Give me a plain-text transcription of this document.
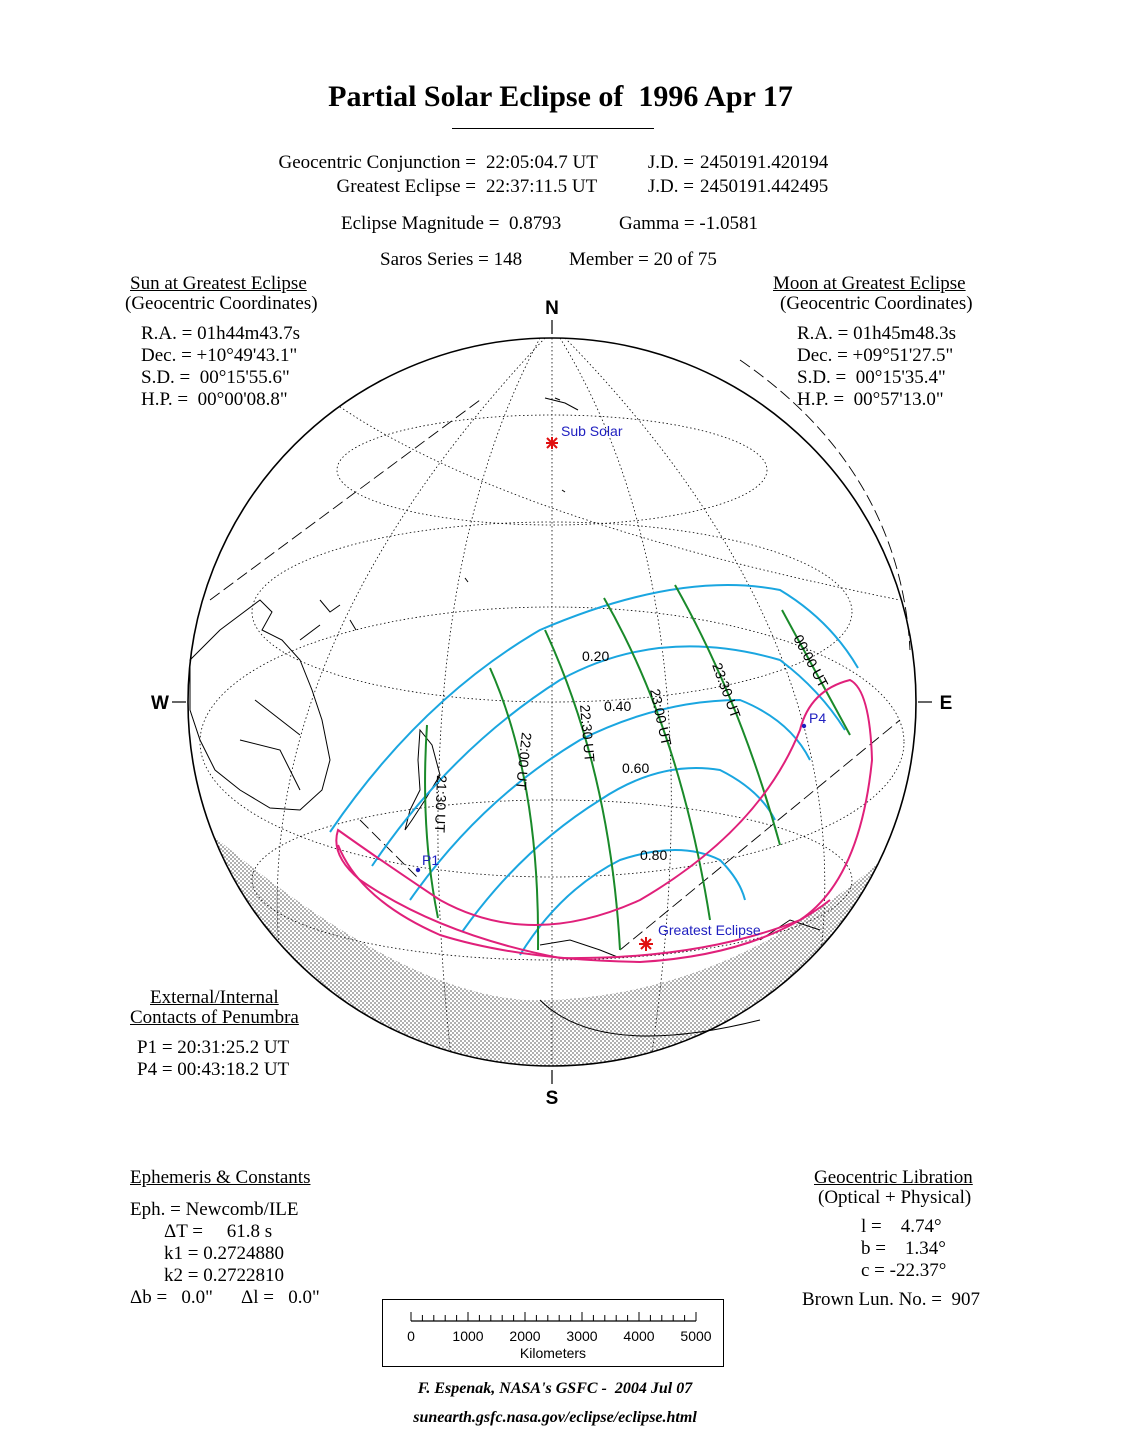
Partial Solar Eclipse of  1996 Apr 17
Geocentric Conjunction = 22:05:04.7 UT	J.D. = 2450191.420194
Greatest Eclipse = 22:37:11.5 UT	J.D. = 2450191.442495
Eclipse Magnitude =  0.8793	Gamma = -1.0581
Saros Series = 148 Member = 20 of 75
Sun at Greatest Eclipse
(Geocentric Coordinates)
R.A. = 01h44m43.7s
Dec. = +10°49'43.1"
S.D. =  00°15'55.6"
H.P. =  00°00'08.8"
Moon at Greatest Eclipse
(Geocentric Coordinates)
R.A. = 01h45m48.3s
Dec. = +09°51'27.5"
S.D. =  00°15'35.4"
H.P. =  00°57'13.0"
N
S
W	E
0.20
0.40
0.60
0.80
21:30 UT
22:00 UT	22:30 UT	23:00 UT 23:30 UT	00:00 UT
Sub Solar
Greatest Eclipse
P1
P4
External/Internal
Contacts of Penumbra
P1 = 20:31:25.2 UT
P4 = 00:43:18.2 UT
Ephemeris & Constants
Eph. = Newcomb/ILE
ΔT =     61.8 s
k1 = 0.2724880
k2 = 0.2722810
Δb =   0.0" Δl =   0.0"
Geocentric Libration
(Optical + Physical)
l =    4.74°
b =    1.34°
c = -22.37°
Brown Lun. No. =  907
0	1000 2000 3000 4000 5000
Kilometers
F. Espenak, NASA's GSFC -  2004 Jul 07
sunearth.gsfc.nasa.gov/eclipse/eclipse.html
